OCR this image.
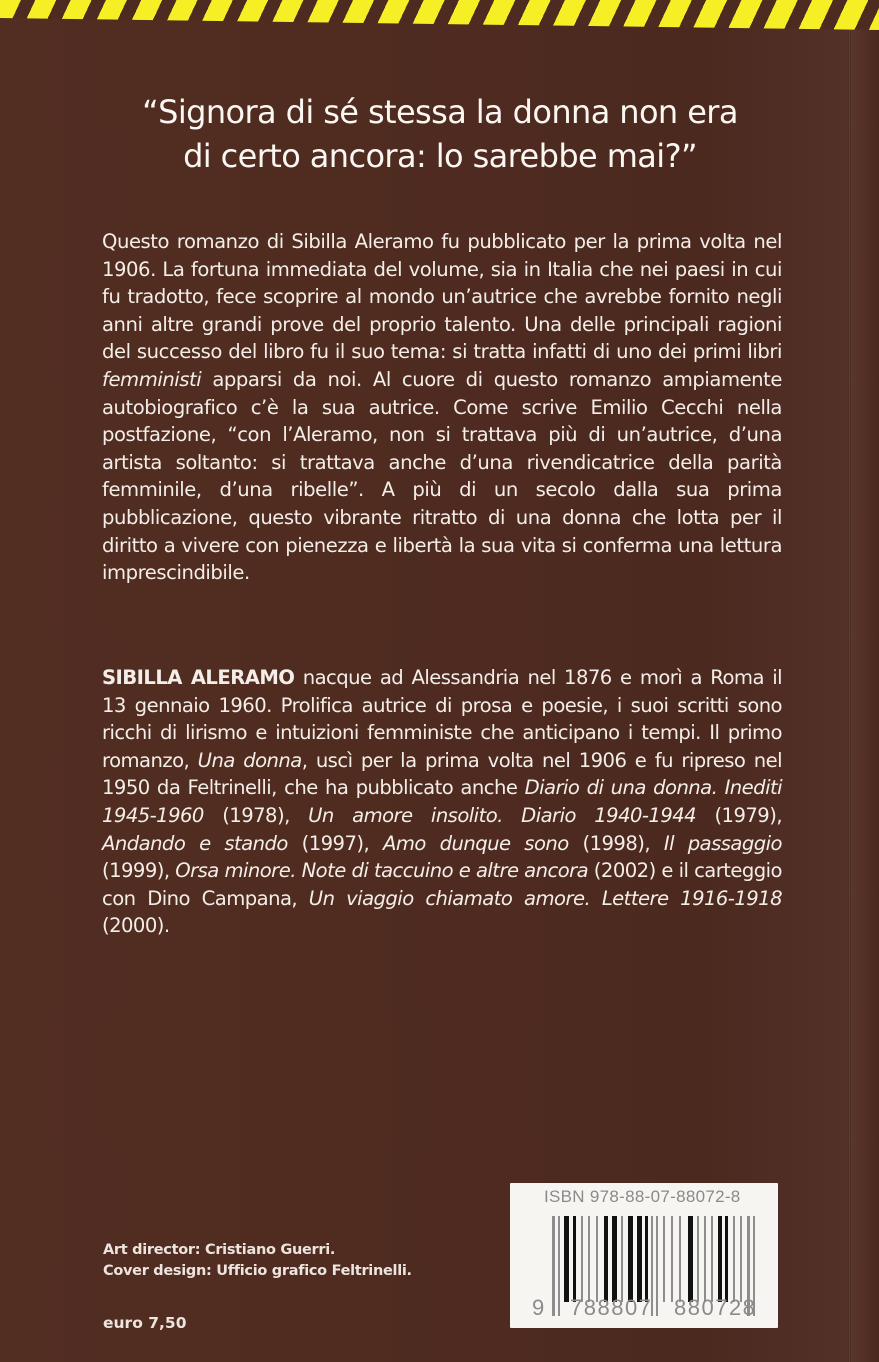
“Signora di sé stessa la donna non era
di certo ancora: lo sarebbe mai?”
Questo romanzo di Sibilla Aleramo fu pubblicato per la prima volta nel 1906. La fortuna immediata del volume, sia in Italia che nei paesi in cui fu tradotto, fece scoprire al mondo un’autrice che avrebbe fornito negli anni altre grandi prove del proprio talento. Una delle principali ragioni del successo del libro fu il suo tema: si tratta infatti di uno dei primi libri femministi apparsi da noi. Al cuore di questo romanzo ampiamente autobiografico c’è la sua autrice. Come scrive Emilio Cecchi nella postfazione, “con l’Aleramo, non si trattava più di un’autrice, d’una artista soltanto: si trattava anche d’una rivendicatrice della parità femminile, d’una ribelle”. A più di un secolo dalla sua prima pubblicazione, questo vibrante ritratto di una donna che lotta per il diritto a vivere con pienezza e libertà la sua vita si conferma una lettura imprescindibile.
SIBILLA ALERAMO nacque ad Alessandria nel 1876 e morì a Roma il 13 gennaio 1960. Prolifica autrice di prosa e poesie, i suoi scritti sono ricchi di lirismo e intuizioni femministe che anticipano i tempi. Il primo romanzo, Una donna, uscì per la prima volta nel 1906 e fu ripreso nel 1950 da Feltrinelli, che ha pubblicato anche Diario di una donna. Inediti 1945-1960 (1978), Un amore insolito. Diario 1940-1944 (1979), Andando e stando (1997), Amo dunque sono (1998), Il passaggio (1999), Orsa minore. Note di taccuino e altre ancora (2002) e il carteggio con Dino Campana, Un viaggio chiamato amore. Lettere 1916-1918 (2000).
Art director: Cristiano Guerri.
Cover design: Ufficio grafico Feltrinelli.
euro 7,50
ISBN 978-88-07-88072-8
9 788807 880728
